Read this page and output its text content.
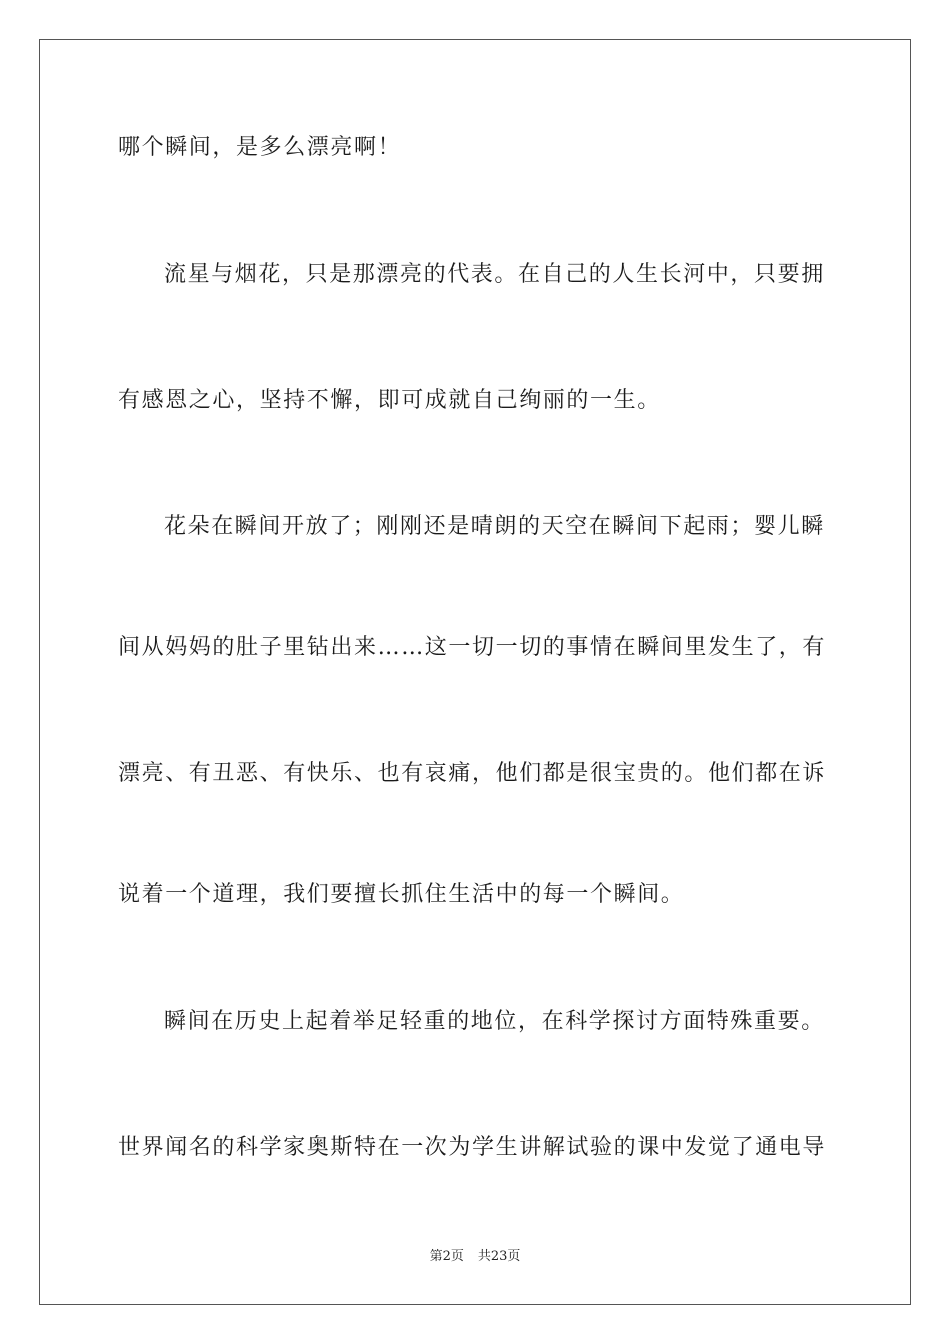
哪个瞬间，是多么漂亮啊！
流星与烟花，只是那漂亮的代表。在自己的人生长河中，只要拥
有感恩之心，坚持不懈，即可成就自己绚丽的一生。
花朵在瞬间开放了；刚刚还是晴朗的天空在瞬间下起雨；婴儿瞬
间从妈妈的肚子里钻出来……这一切一切的事情在瞬间里发生了，有
漂亮、有丑恶、有快乐、也有哀痛，他们都是很宝贵的。他们都在诉
说着一个道理，我们要擅长抓住生活中的每一个瞬间。
瞬间在历史上起着举足轻重的地位，在科学探讨方面特殊重要。
世界闻名的科学家奥斯特在一次为学生讲解试验的课中发觉了通电导
第2页 共23页
